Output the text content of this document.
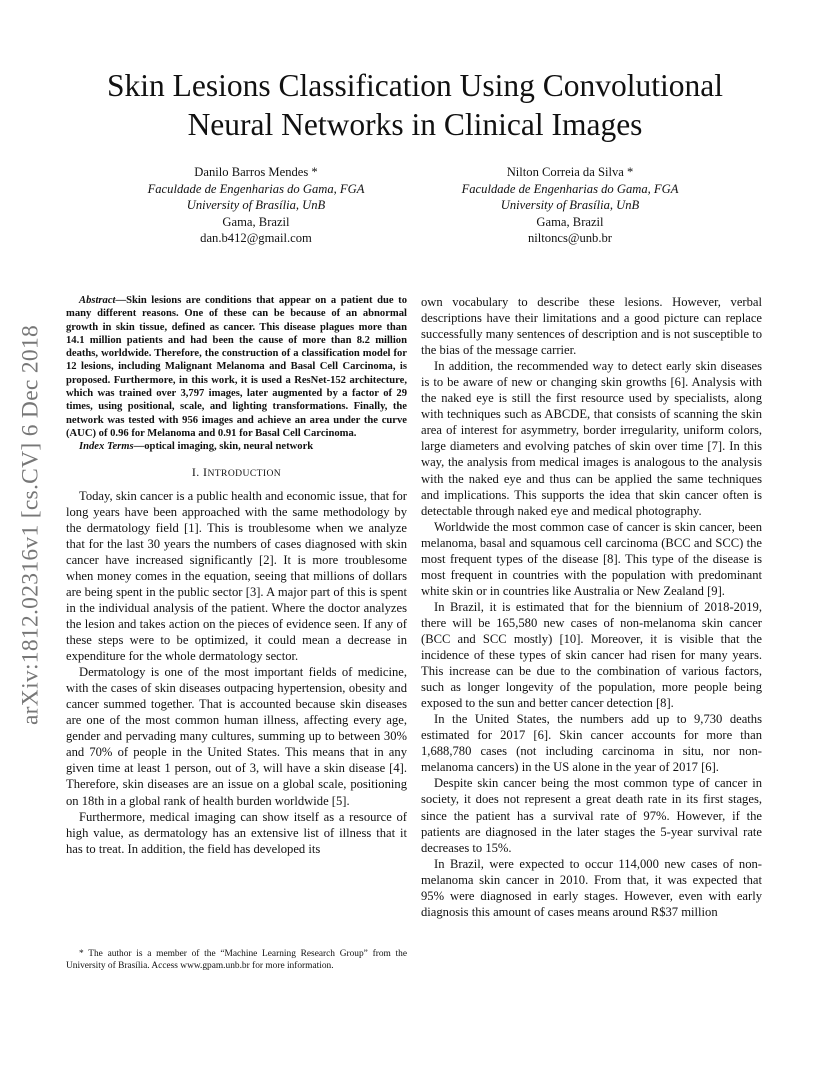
arXiv:1812.02316v1 [cs.CV] 6 Dec 2018
Skin Lesions Classification Using Convolutional
Neural Networks in Clinical Images
Danilo Barros Mendes *
Faculdade de Engenharias do Gama, FGA
University of Brasília, UnB
Gama, Brazil
dan.b412@gmail.com
Nilton Correia da Silva *
Faculdade de Engenharias do Gama, FGA
University of Brasília, UnB
Gama, Brazil
niltoncs@unb.br

Abstract—Skin lesions are conditions that appear on a patient due to many different reasons. One of these can be because of an abnormal growth in skin tissue, defined as cancer. This disease plagues more than 14.1 million patients and had been the cause of more than 8.2 million deaths, worldwide. Therefore, the construction of a classification model for 12 lesions, including Malignant Melanoma and Basal Cell Carcinoma, is proposed. Furthermore, in this work, it is used a ResNet-152 architecture, which was trained over 3,797 images, later augmented by a factor of 29 times, using positional, scale, and lighting transformations. Finally, the network was tested with 956 images and achieve an area under the curve (AUC) of 0.96 for Melanoma and 0.91 for Basal Cell Carcinoma.

Index Terms—optical imaging, skin, neural network

I. INTRODUCTION

Today, skin cancer is a public health and economic issue, that for long years have been approached with the same methodology by the dermatology field [1]. This is troublesome when we analyze that for the last 30 years the numbers of cases diagnosed with skin cancer have increased significantly [2]. It is more troublesome when money comes in the equation, seeing that millions of dollars are being spent in the public sector [3]. A major part of this is spent in the individual analysis of the patient. Where the doctor analyzes the lesion and takes action on the pieces of evidence seen. If any of these steps were to be optimized, it could mean a decrease in expenditure for the whole dermatology sector.

Dermatology is one of the most important fields of medicine, with the cases of skin diseases outpacing hypertension, obesity and cancer summed together. That is accounted because skin diseases are one of the most common human illness, affecting every age, gender and pervading many cultures, summing up to between 30% and 70% of people in the United States. This means that in any given time at least 1 person, out of 3, will have a skin disease [4]. Therefore, skin diseases are an issue on a global scale, positioning on 18th in a global rank of health burden worldwide [5].

Furthermore, medical imaging can show itself as a resource of high value, as dermatology has an extensive list of illness that it has to treat. In addition, the field has developed its

* The author is a member of the “Machine Learning Research Group” from the University of Brasília. Access www.gpam.unb.br for more information.

own vocabulary to describe these lesions. However, verbal descriptions have their limitations and a good picture can replace successfully many sentences of description and is not susceptible to the bias of the message carrier.

In addition, the recommended way to detect early skin diseases is to be aware of new or changing skin growths [6]. Analysis with the naked eye is still the first resource used by specialists, along with techniques such as ABCDE, that consists of scanning the skin area of interest for asymmetry, border irregularity, uniform colors, large diameters and evolving patches of skin over time [7]. In this way, the analysis from medical images is analogous to the analysis with the naked eye and thus can be applied the same techniques and implications. This supports the idea that skin cancer often is detectable through naked eye and medical photography.

Worldwide the most common case of cancer is skin cancer, been melanoma, basal and squamous cell carcinoma (BCC and SCC) the most frequent types of the disease [8]. This type of the disease is most frequent in countries with the population with predominant white skin or in countries like Australia or New Zealand [9].

In Brazil, it is estimated that for the biennium of 2018-2019, there will be 165,580 new cases of non-melanoma skin cancer (BCC and SCC mostly) [10]. Moreover, it is visible that the incidence of these types of skin cancer had risen for many years. This increase can be due to the combination of various factors, such as longer longevity of the population, more people being exposed to the sun and better cancer detection [8].

In the United States, the numbers add up to 9,730 deaths estimated for 2017 [6]. Skin cancer accounts for more than 1,688,780 cases (not including carcinoma in situ, nor non-melanoma cancers) in the US alone in the year of 2017 [6].

Despite skin cancer being the most common type of cancer in society, it does not represent a great death rate in its first stages, since the patient has a survival rate of 97%. However, if the patients are diagnosed in the later stages the 5-year survival rate decreases to 15%.

In Brazil, were expected to occur 114,000 new cases of non-melanoma skin cancer in 2010. From that, it was expected that 95% were diagnosed in early stages. However, even with early diagnosis this amount of cases means around R$37 million
